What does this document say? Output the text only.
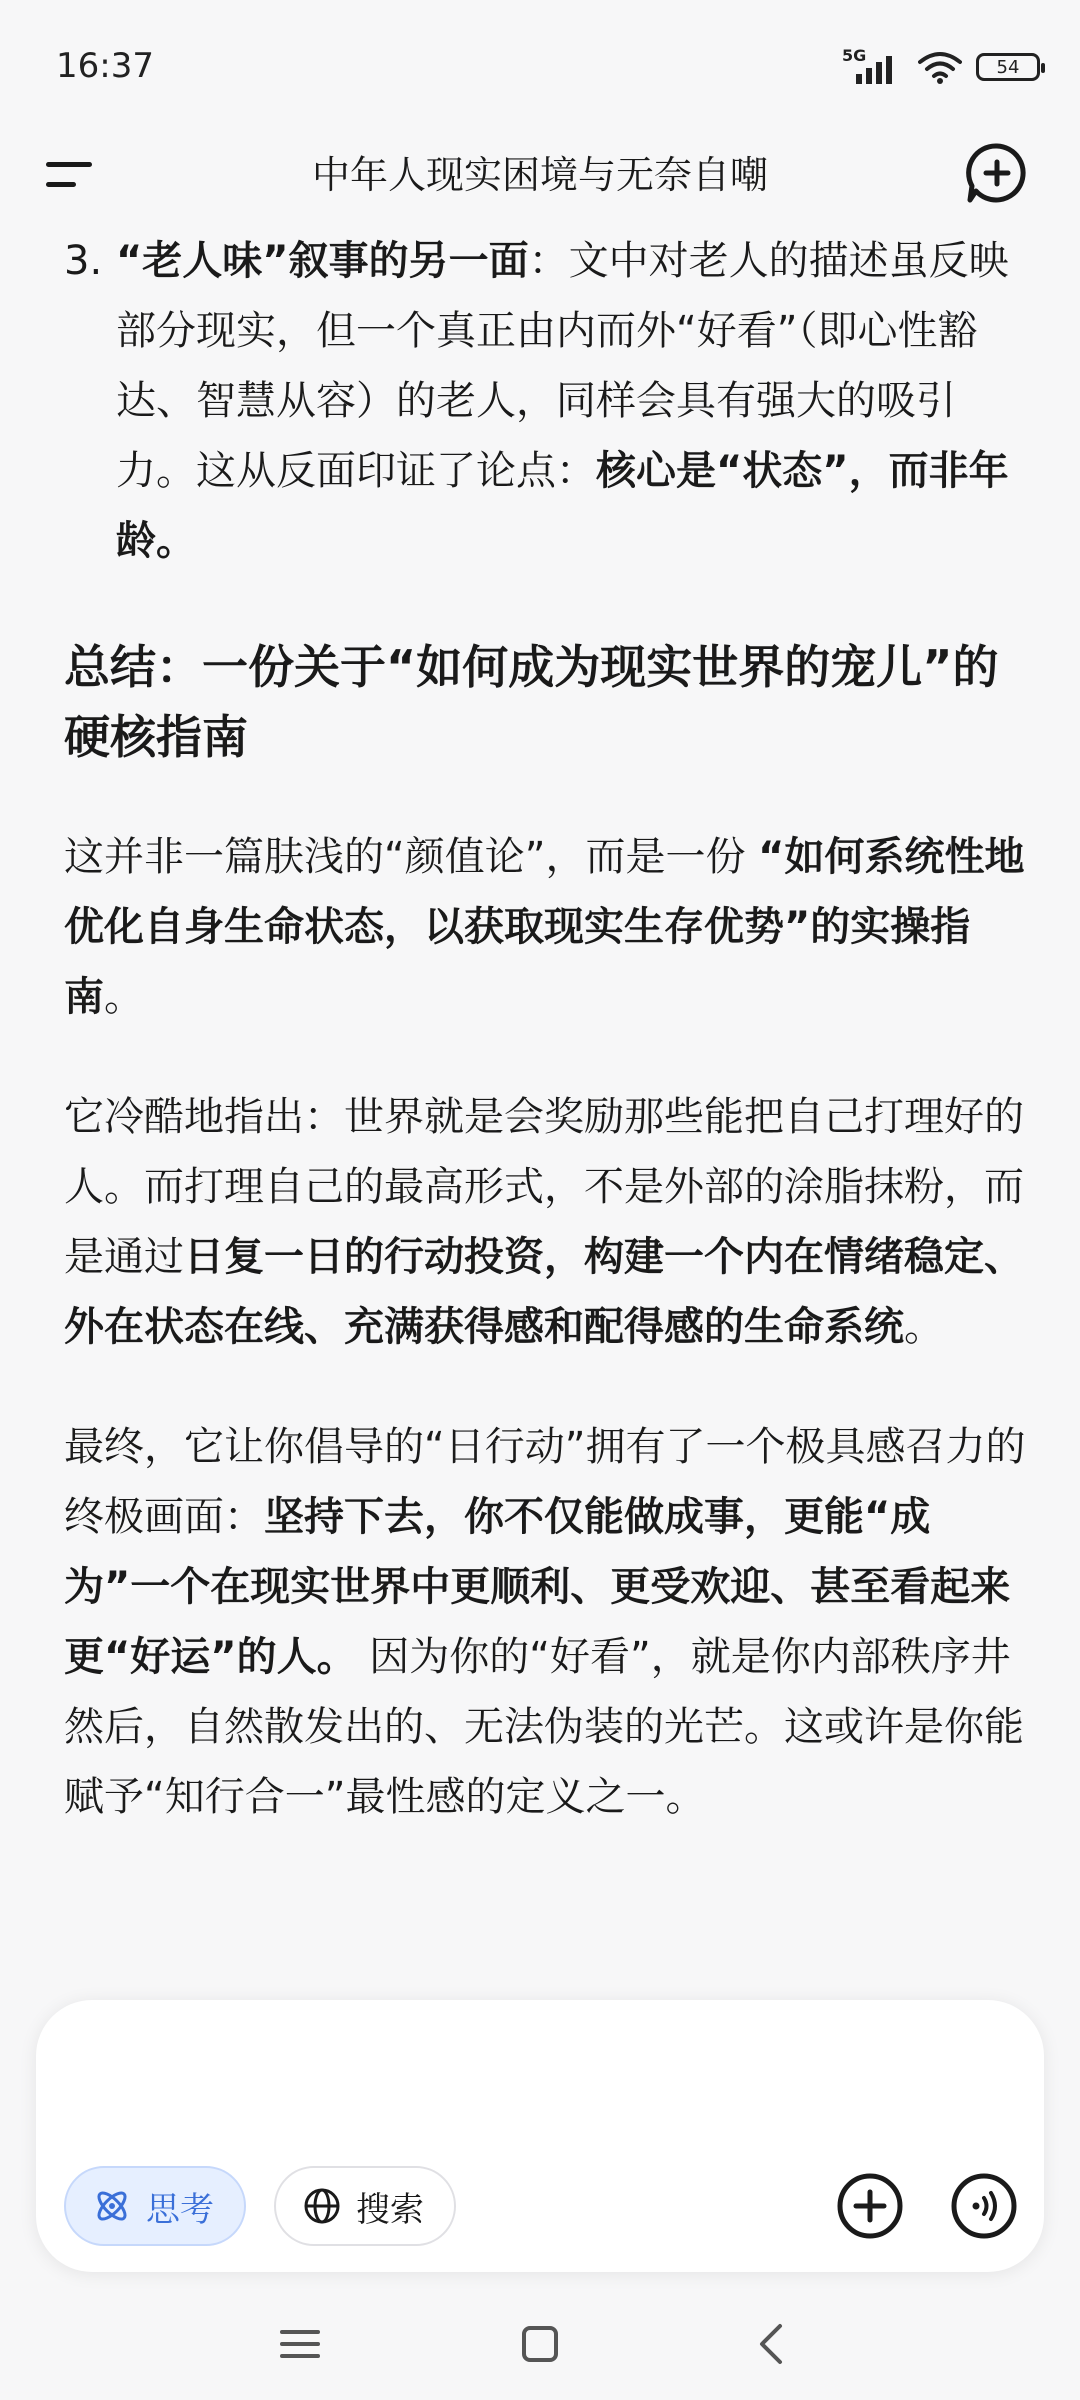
16:37	5G
54
中年人现实困境与无奈自嘲
3. “老人味”叙事的另一面：文中对老人的描述虽反映部分现实，但一个真正由内而外“好看”（即心性豁达、智慧从容）的老人，同样会具有强大的吸引力。这从反面印证了论点：核心是“状态”，而非年龄。
总结：一份关于“如何成为现实世界的宠儿”的硬核指南

这并非一篇肤浅的“颜值论”，而是一份 “如何系统性地优化自身生命状态，以获取现实生存优势”的实操指南。

它冷酷地指出：世界就是会奖励那些能把自己打理好的人。而打理自己的最高形式，不是外部的涂脂抹粉，而是通过日复一日的行动投资，构建一个内在情绪稳定、外在状态在线、充满获得感和配得感的生命系统。

最终，它让你倡导的“日行动”拥有了一个极具感召力的终极画面：坚持下去，你不仅能做成事，更能“成为”一个在现实世界中更顺利、更受欢迎、甚至看起来更“好运”的人。 因为你的“好看”，就是你内部秩序井然后，自然散发出的、无法伪装的光芒。这或许是你能赋予“知行合一”最性感的定义之一。

思考	搜索
